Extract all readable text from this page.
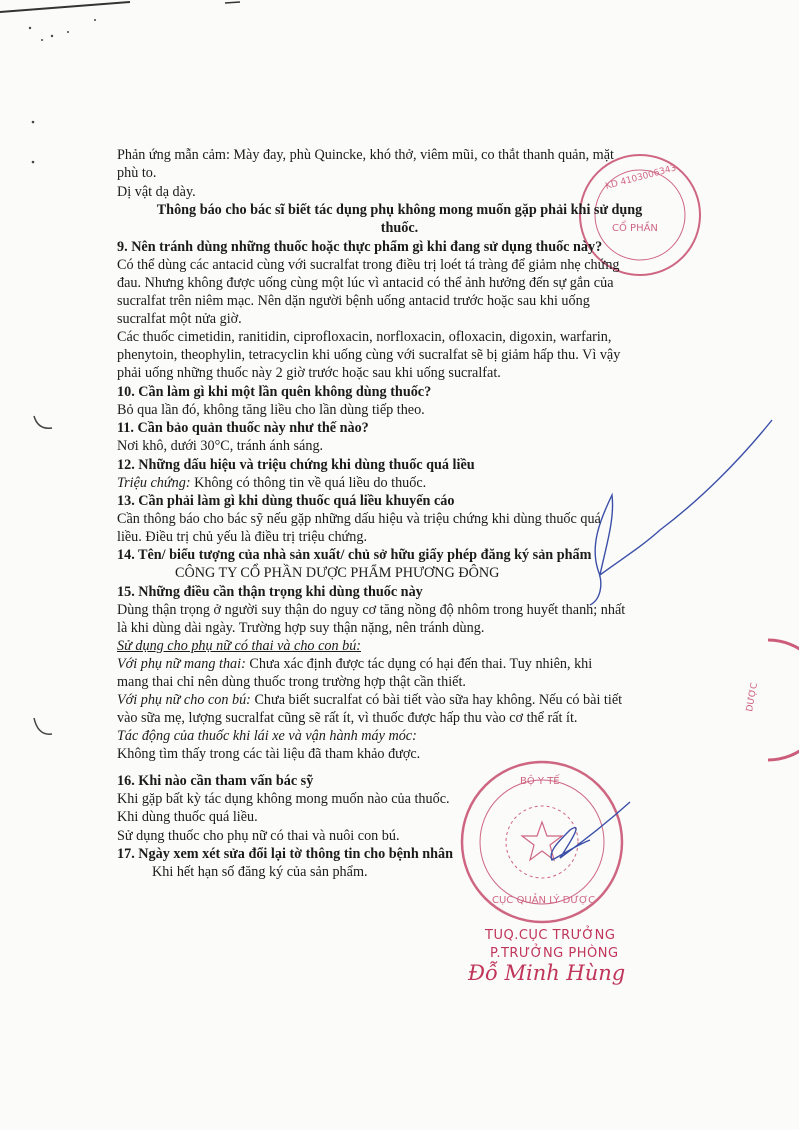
KD 4103006343
CỔ PHẦN
DƯỢC
BỘ Y TẾ
CỤC QUẢN LÝ DƯỢC
Phản ứng mẫn cảm: Mày đay, phù Quincke, khó thở, viêm mũi, co thắt thanh quản, mặt
phù to.
Dị vật dạ dày.
Thông báo cho bác sĩ biết tác dụng phụ không mong muốn gặp phải khi sử dụng
thuốc.
9. Nên tránh dùng những thuốc hoặc thực phẩm gì khi đang sử dụng thuốc này?
Có thể dùng các antacid cùng với sucralfat trong điều trị loét tá tràng để giảm nhẹ chứng
đau. Nhưng không được uống cùng một lúc vì antacid có thể ảnh hưởng đến sự gắn của
sucralfat trên niêm mạc. Nên dặn người bệnh uống antacid trước hoặc sau khi uống
sucralfat một nửa giờ.
Các thuốc cimetidin, ranitidin, ciprofloxacin, norfloxacin, ofloxacin, digoxin, warfarin,
phenytoin, theophylin, tetracyclin khi uống cùng với sucralfat sẽ bị giảm hấp thu. Vì vậy
phải uống những thuốc này 2 giờ trước hoặc sau khi uống sucralfat.
10. Cần làm gì khi một lần quên không dùng thuốc?
Bỏ qua lần đó, không tăng liều cho lần dùng tiếp theo.
11. Cần bảo quản thuốc này như thế nào?
Nơi khô, dưới 30°C, tránh ánh sáng.
12. Những dấu hiệu và triệu chứng khi dùng thuốc quá liều
Triệu chứng: Không có thông tin về quá liều do thuốc.
13. Cần phải làm gì khi dùng thuốc quá liều khuyến cáo
Cần thông báo cho bác sỹ nếu gặp những dấu hiệu và triệu chứng khi dùng thuốc quá
liều. Điều trị chủ yếu là điều trị triệu chứng.
14. Tên/ biểu tượng của nhà sản xuất/ chủ sở hữu giấy phép đăng ký sản phẩm
CÔNG TY CỔ PHẦN DƯỢC PHẨM PHƯƠNG ĐÔNG
15. Những điều cần thận trọng khi dùng thuốc này
Dùng thận trọng ở người suy thận do nguy cơ tăng nồng độ nhôm trong huyết thanh; nhất
là khi dùng dài ngày. Trường hợp suy thận nặng, nên tránh dùng.
Sử dụng cho phụ nữ có thai và cho con bú:
Với phụ nữ mang thai: Chưa xác định được tác dụng có hại đến thai. Tuy nhiên, khi
mang thai chỉ nên dùng thuốc trong trường hợp thật cần thiết.
Với phụ nữ cho con bú: Chưa biết sucralfat có bài tiết vào sữa hay không. Nếu có bài tiết
vào sữa mẹ, lượng sucralfat cũng sẽ rất ít, vì thuốc được hấp thu vào cơ thể rất ít.
Tác động của thuốc khi lái xe và vận hành máy móc:
Không tìm thấy trong các tài liệu đã tham khảo được.
16. Khi nào cần tham vấn bác sỹ
Khi gặp bất kỳ tác dụng không mong muốn nào của thuốc.
Khi dùng thuốc quá liều.
Sử dụng thuốc cho phụ nữ có thai và nuôi con bú.
17. Ngày xem xét sửa đổi lại tờ thông tin cho bệnh nhân
Khi hết hạn số đăng ký của sản phẩm.
TUQ.CỤC TRƯỞNG
P.TRƯỞNG PHÒNG
Đỗ Minh Hùng
